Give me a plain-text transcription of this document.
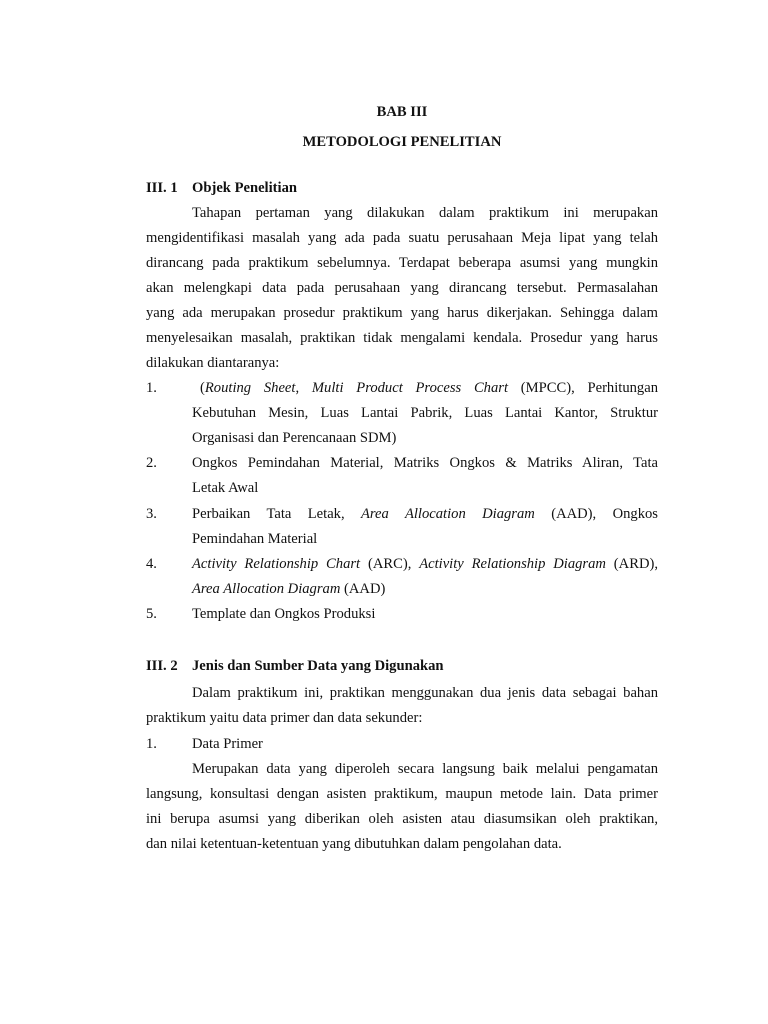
BAB III
METODOLOGI PENELITIAN
III. 1 Objek Penelitian
Tahapan pertaman yang dilakukan dalam praktikum ini merupakan
mengidentifikasi masalah yang ada pada suatu perusahaan Meja lipat yang telah
dirancang pada praktikum sebelumnya. Terdapat beberapa asumsi yang mungkin
akan melengkapi data pada perusahaan yang dirancang tersebut. Permasalahan
yang ada merupakan prosedur praktikum yang harus dikerjakan. Sehingga dalam
menyelesaikan masalah, praktikan tidak mengalami kendala. Prosedur yang harus
dilakukan diantaranya:
1.	(Routing Sheet, Multi Product Process Chart (MPCC), Perhitungan
Kebutuhan Mesin, Luas Lantai Pabrik, Luas Lantai Kantor, Struktur
Organisasi dan Perencanaan SDM)
2. Ongkos Pemindahan Material, Matriks Ongkos & Matriks Aliran, Tata
Letak Awal
3. Perbaikan Tata Letak, Area Allocation Diagram (AAD), Ongkos
Pemindahan Material
4. Activity Relationship Chart (ARC), Activity Relationship Diagram (ARD),
Area Allocation Diagram (AAD)
5. Template dan Ongkos Produksi
III. 2 Jenis dan Sumber Data yang Digunakan
Dalam praktikum ini, praktikan menggunakan dua jenis data sebagai bahan
praktikum yaitu data primer dan data sekunder:
1. Data Primer
Merupakan data yang diperoleh secara langsung baik melalui pengamatan
langsung, konsultasi dengan asisten praktikum, maupun metode lain. Data primer
ini berupa asumsi yang diberikan oleh asisten atau diasumsikan oleh praktikan,
dan nilai ketentuan-ketentuan yang dibutuhkan dalam pengolahan data.
